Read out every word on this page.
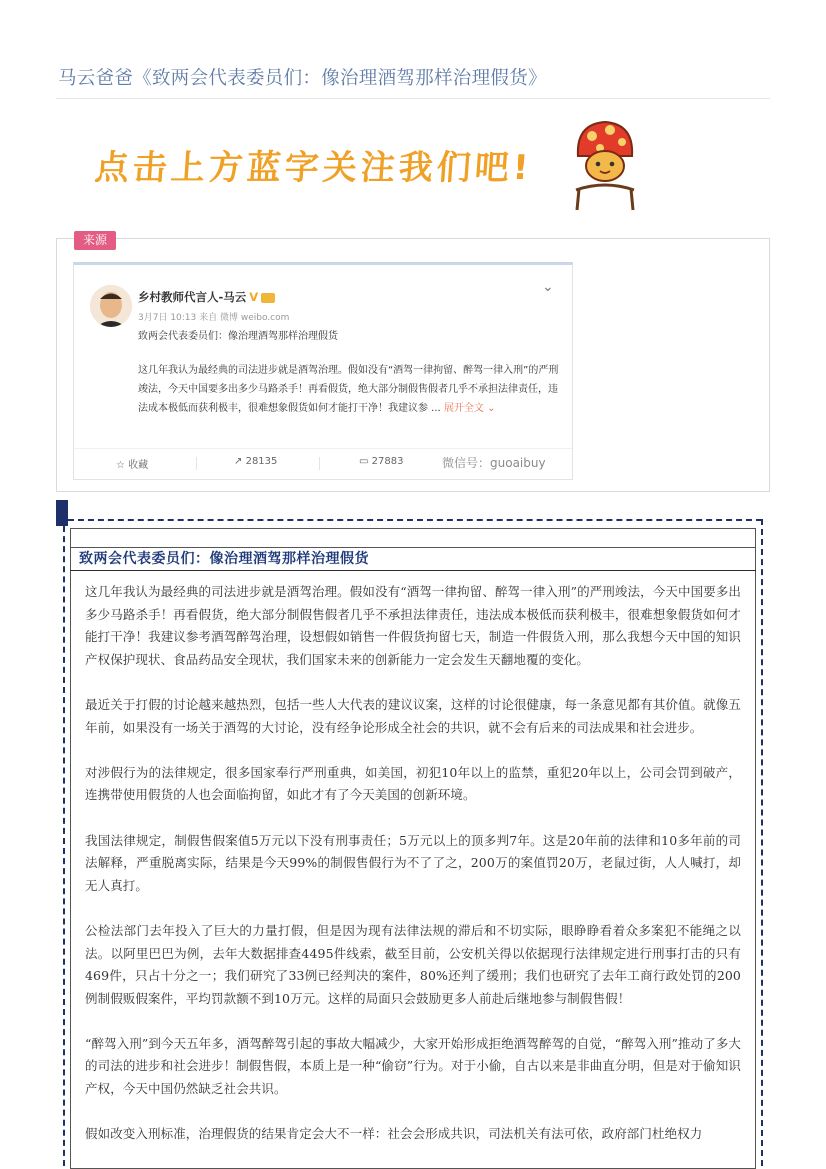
马云爸爸《致两会代表委员们：像治理酒驾那样治理假货》
点击上方蓝字关注我们吧!
来源
乡村教师代言人-马云 V
3月7日 10:13 来自 微博 weibo.com
致两会代表委员们：像治理酒驾那样治理假货
⌄
这几年我认为最经典的司法进步就是酒驾治理。假如没有“酒驾一律拘留、醉驾一律入刑”的严刑竣法，今天中国要多出多少马路杀手！再看假货，绝大部分制假售假者几乎不承担法律责任，违法成本极低而获利极丰，很难想象假货如何才能打干净！我建议参 ... 展开全文 ⌄
☆ 收藏	↗ 28135	▭ 27883	微信号：guoaibuy
致两会代表委员们：像治理酒驾那样治理假货

这几年我认为最经典的司法进步就是酒驾治理。假如没有“酒驾一律拘留、醉驾一律入刑”的严刑竣法，今天中国要多出多少马路杀手！再看假货，绝大部分制假售假者几乎不承担法律责任，违法成本极低而获利极丰，很难想象假货如何才能打干净！我建议参考酒驾醉驾治理，设想假如销售一件假货拘留七天，制造一件假货入刑，那么我想今天中国的知识产权保护现状、食品药品安全现状，我们国家未来的创新能力一定会发生天翻地覆的变化。

最近关于打假的讨论越来越热烈，包括一些人大代表的建议议案，这样的讨论很健康，每一条意见都有其价值。就像五年前，如果没有一场关于酒驾的大讨论，没有经争论形成全社会的共识，就不会有后来的司法成果和社会进步。

对涉假行为的法律规定，很多国家奉行严刑重典，如美国，初犯10年以上的监禁，重犯20年以上，公司会罚到破产，连携带使用假货的人也会面临拘留，如此才有了今天美国的创新环境。

我国法律规定，制假售假案值5万元以下没有刑事责任；5万元以上的顶多判7年。这是20年前的法律和10多年前的司法解释，严重脱离实际，结果是今天99%的制假售假行为不了了之，200万的案值罚20万，老鼠过街，人人喊打，却无人真打。

公检法部门去年投入了巨大的力量打假，但是因为现有法律法规的滞后和不切实际，眼睁睁看着众多案犯不能绳之以法。以阿里巴巴为例，去年大数据排查4495件线索，截至目前，公安机关得以依据现行法律规定进行刑事打击的只有469件，只占十分之一；我们研究了33例已经判决的案件，80%还判了缓刑；我们也研究了去年工商行政处罚的200例制假贩假案件，平均罚款额不到10万元。这样的局面只会鼓励更多人前赴后继地参与制假售假！

“醉驾入刑”到今天五年多，酒驾醉驾引起的事故大幅减少，大家开始形成拒绝酒驾醉驾的自觉，“醉驾入刑”推动了多大的司法的进步和社会进步！制假售假，本质上是一种“偷窃”行为。对于小偷，自古以来是非曲直分明，但是对于偷知识产权，今天中国仍然缺乏社会共识。

假如改变入刑标准，治理假货的结果肯定会大不一样：社会会形成共识，司法机关有法可依，政府部门杜绝权力
